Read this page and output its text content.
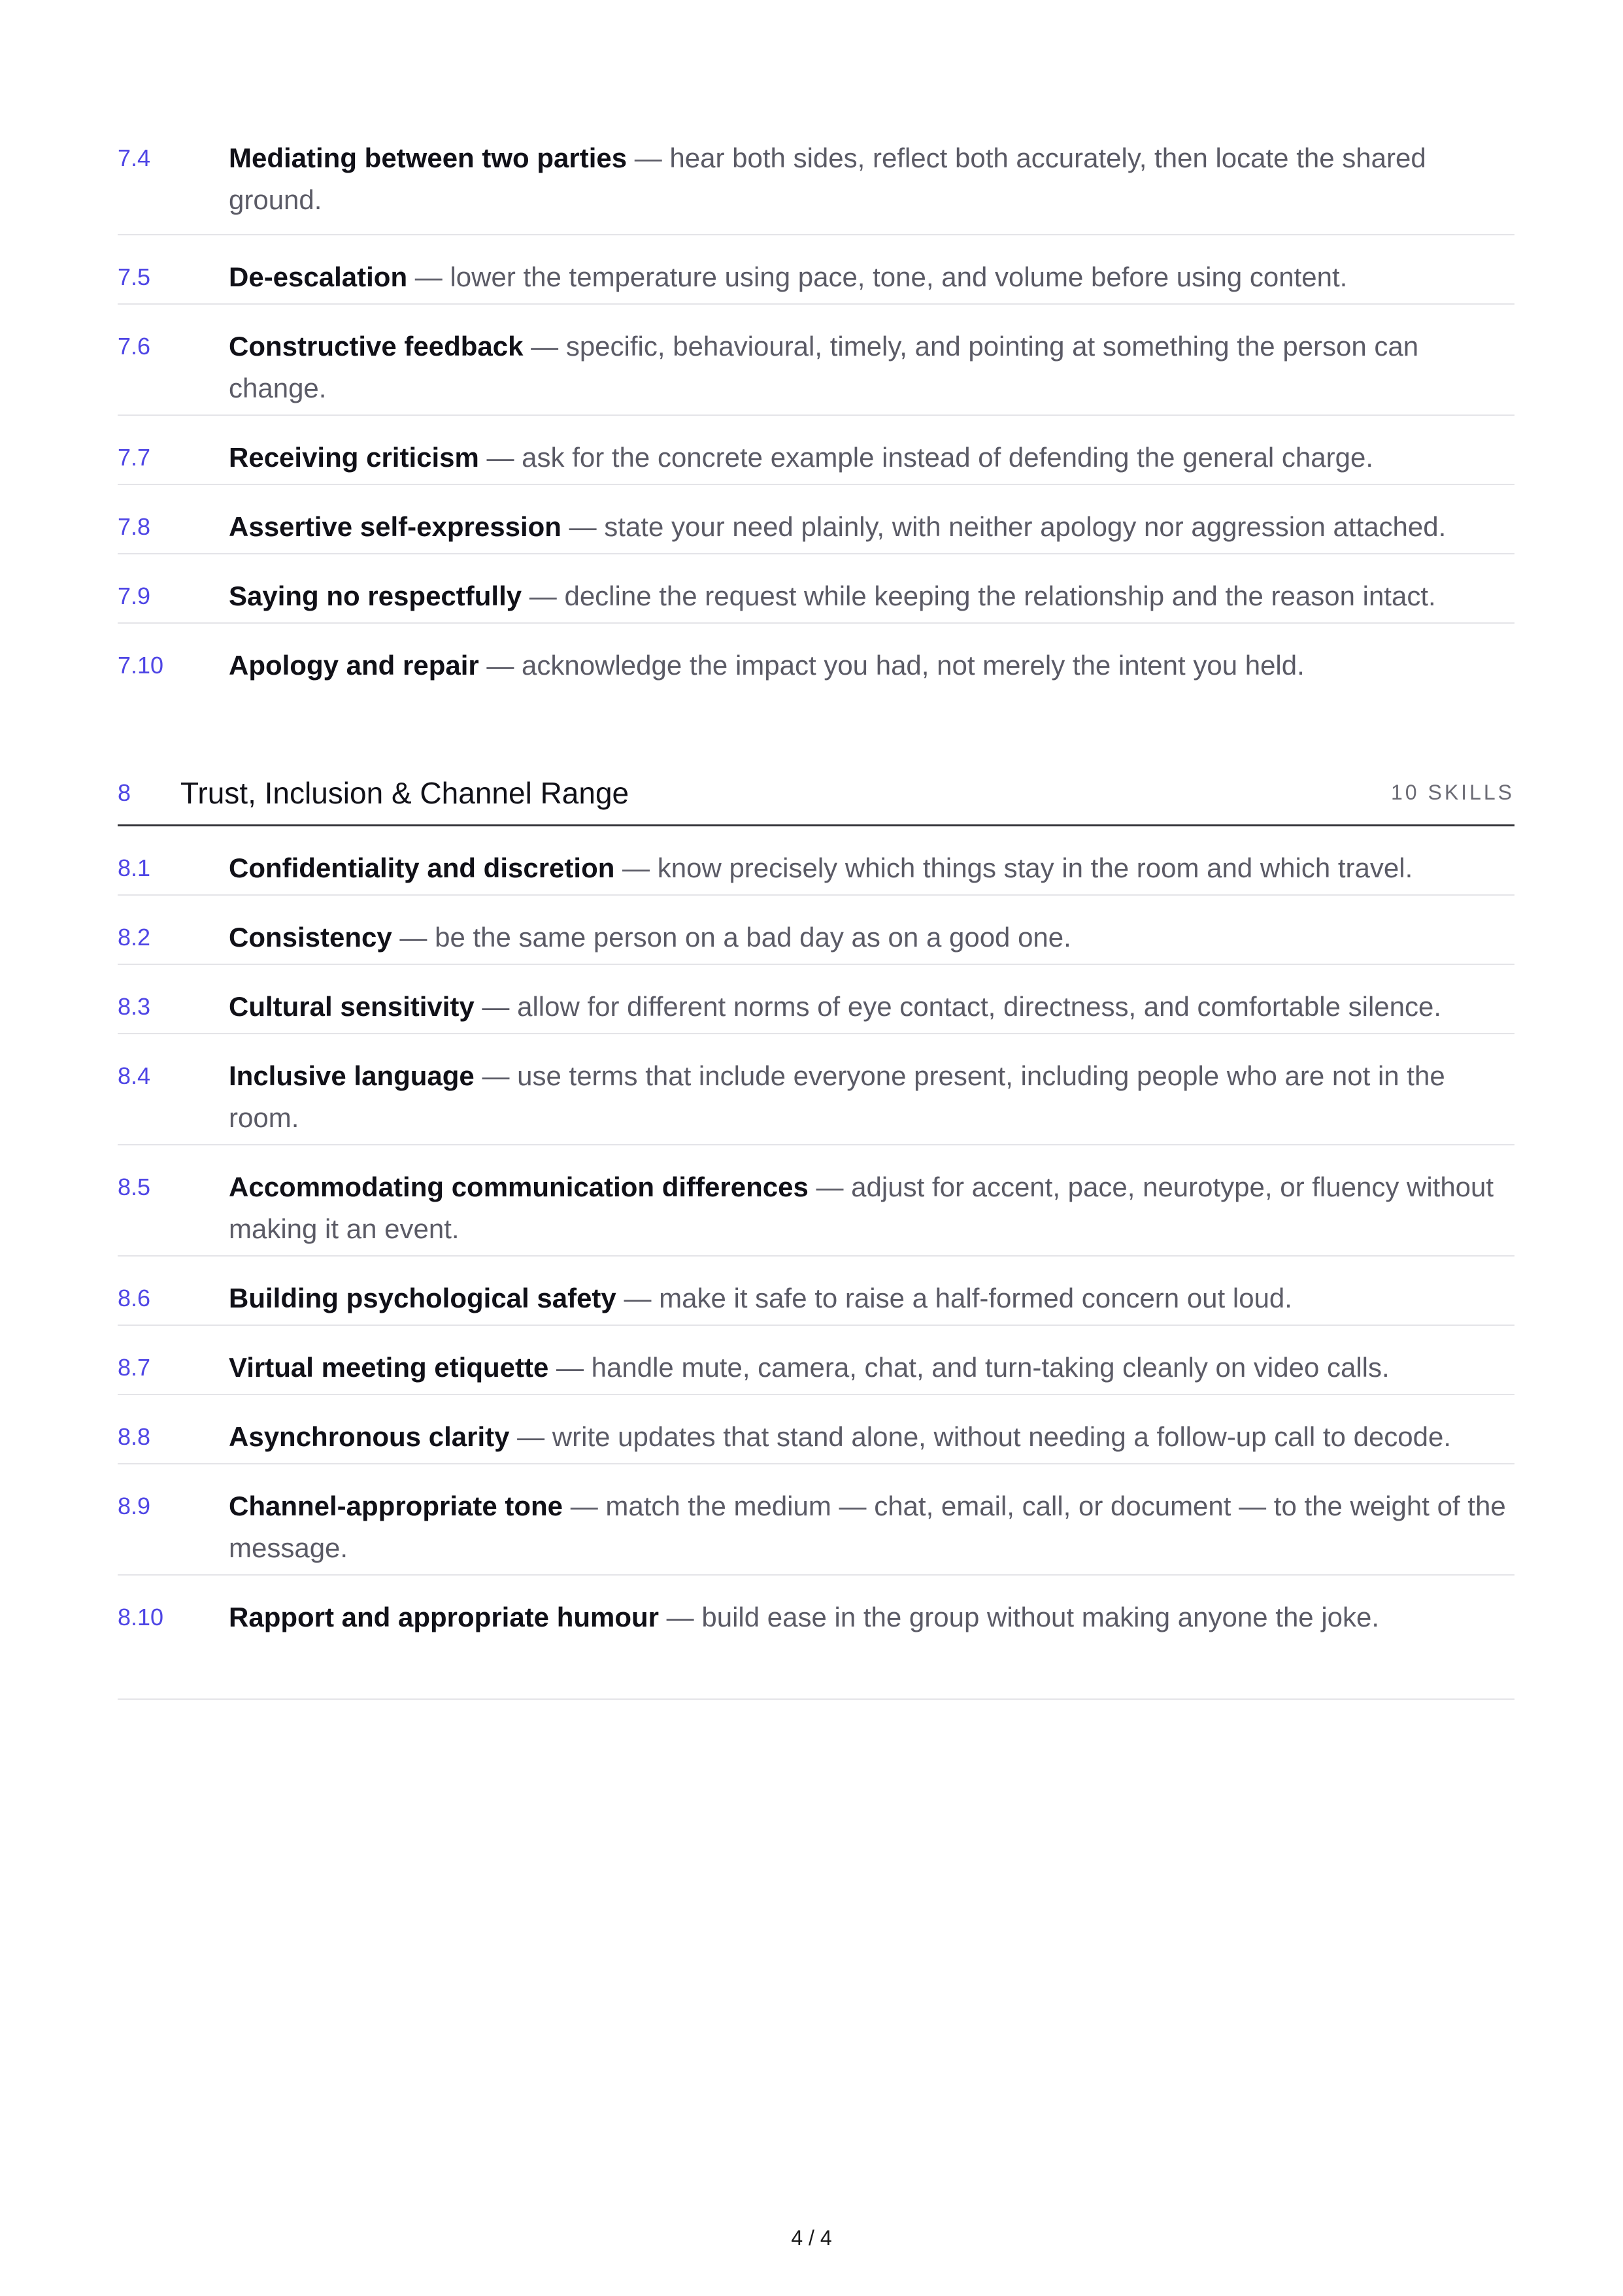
7.4	Mediating between two parties — hear both sides, reflect both accurately, then locate the shared ground.
7.5	De-escalation — lower the temperature using pace, tone, and volume before using content.
7.6	Constructive feedback — specific, behavioural, timely, and pointing at something the person can change.
7.7	Receiving criticism — ask for the concrete example instead of defending the general charge.
7.8	Assertive self-expression — state your need plainly, with neither apology nor aggression attached.
7.9	Saying no respectfully — decline the request while keeping the relationship and the reason intact.
7.10	Apology and repair — acknowledge the impact you had, not merely the intent you held.
8	Trust, Inclusion & Channel Range	10 SKILLS
8.1	Confidentiality and discretion — know precisely which things stay in the room and which travel.
8.2	Consistency — be the same person on a bad day as on a good one.
8.3	Cultural sensitivity — allow for different norms of eye contact, directness, and comfortable silence.
8.4	Inclusive language — use terms that include everyone present, including people who are not in the room.
8.5	Accommodating communication differences — adjust for accent, pace, neurotype, or fluency without making it an event.
8.6	Building psychological safety — make it safe to raise a half-formed concern out loud.
8.7	Virtual meeting etiquette — handle mute, camera, chat, and turn-taking cleanly on video calls.
8.8	Asynchronous clarity — write updates that stand alone, without needing a follow-up call to decode.
8.9	Channel-appropriate tone — match the medium — chat, email, call, or document — to the weight of the message.
8.10	Rapport and appropriate humour — build ease in the group without making anyone the joke.
4 / 4
